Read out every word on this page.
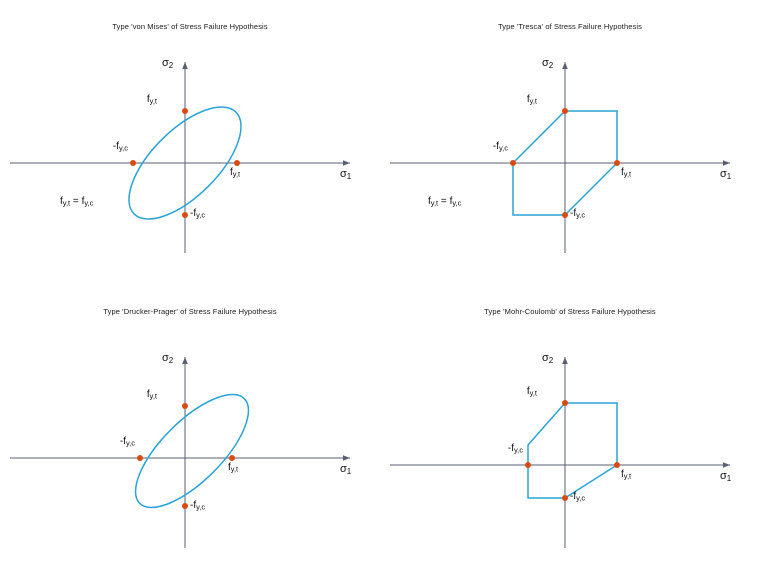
Type 'von Mises' of Stress Failure Hypothesis
$\sigma_1$
$\sigma_2$
$f_{y,t}$
$-f_{y,c}$
$f_{y,t}$
$-f_{y,c}$
$f_{y,t} = f_{y,c}$
Type 'Tresca' of Stress Failure Hypothesis
$\sigma_1$
$\sigma_2$
$f_{y,t}$
$-f_{y,c}$
$f_{y,t}$
$-f_{y,c}$
$f_{y,t} = f_{y,c}$
Type 'Drucker-Prager' of Stress Failure Hypothesis
$\sigma_1$
$\sigma_2$
$f_{y,t}$
$-f_{y,c}$
$f_{y,t}$
$-f_{y,c}$
Type 'Mohr-Coulomb' of Stress Failure Hypothesis
$\sigma_1$
$\sigma_2$
$f_{y,t}$
$-f_{y,c}$
$f_{y,t}$
$-f_{y,c}$
